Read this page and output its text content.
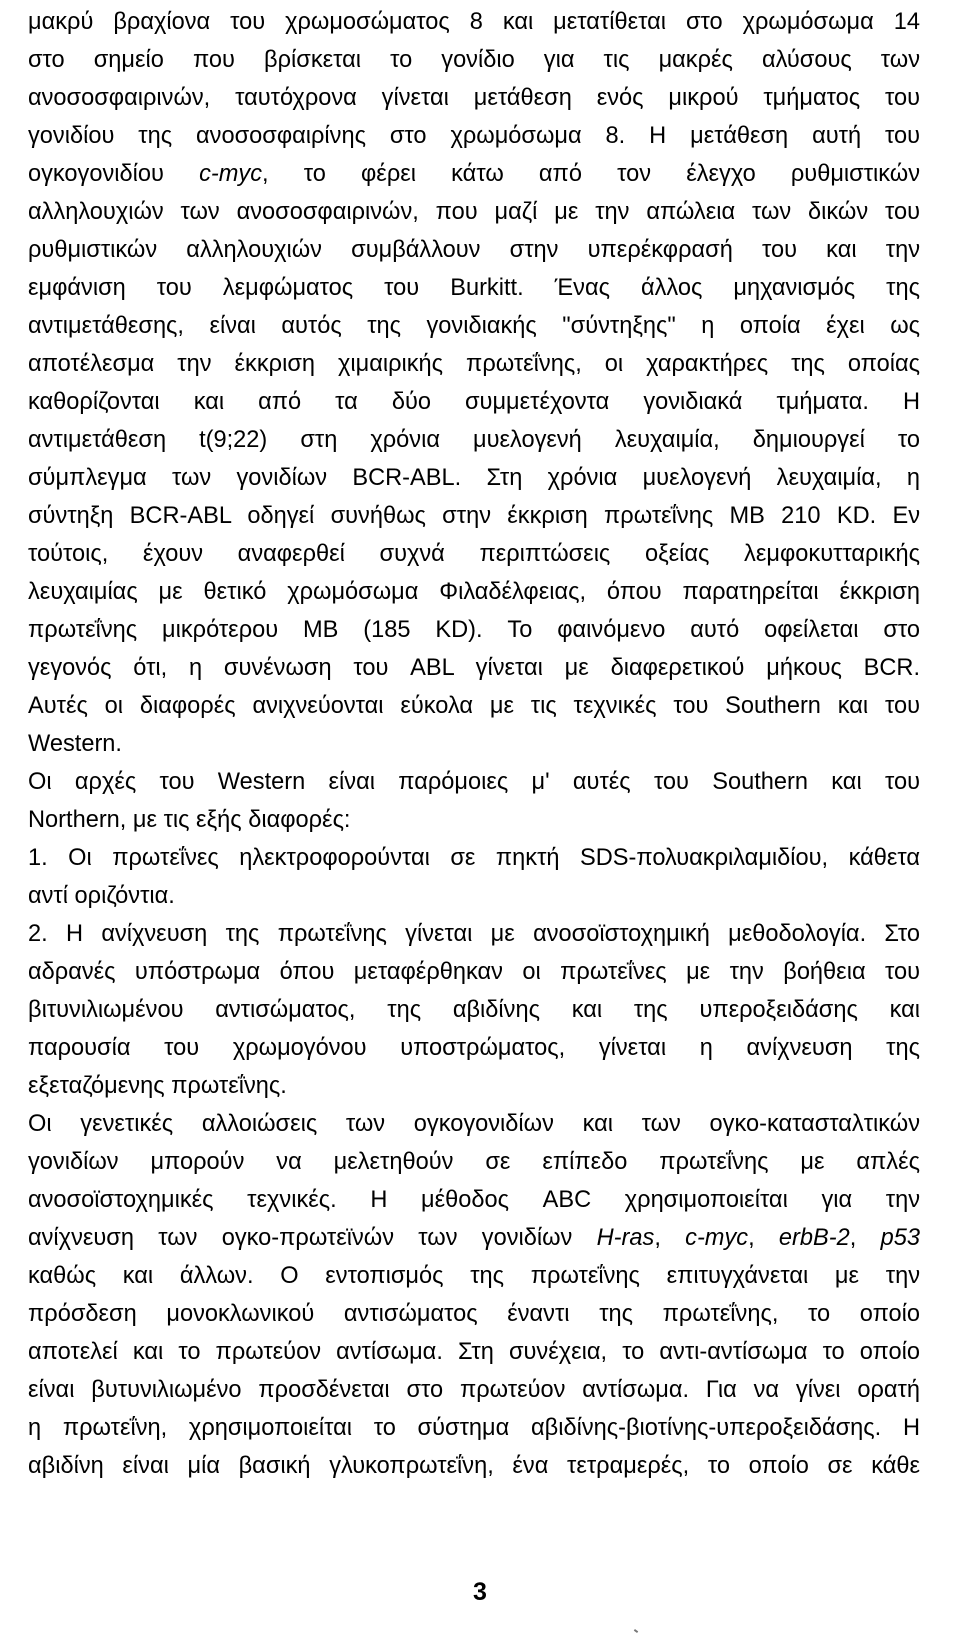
μακρύ βραχίονα του χρωμοσώματος 8 και μετατίθεται στο χρωμόσωμα 14
στο σημείο που βρίσκεται το γονίδιο για τις μακρές αλύσους των
ανοσοσφαιρινών, ταυτόχρονα γίνεται μετάθεση ενός μικρού τμήματος του
γονιδίου της ανοσοσφαιρίνης στο χρωμόσωμα 8. Η μετάθεση αυτή του
ογκογονιδίου c-myc, το φέρει κάτω από τον έλεγχο ρυθμιστικών
αλληλουχιών των ανοσοσφαιρινών, που μαζί με την απώλεια των δικών του
ρυθμιστικών αλληλουχιών συμβάλλουν στην υπερέκφρασή του και την
εμφάνιση του λεμφώματος του Burkitt. Ένας άλλος μηχανισμός της
αντιμετάθεσης, είναι αυτός της γονιδιακής "σύντηξης" η οποία έχει ως
αποτέλεσμα την έκκριση χιμαιρικής πρωτεΐνης, οι χαρακτήρες της οποίας
καθορίζονται και από τα δύο συμμετέχοντα γονιδιακά τμήματα. Η
αντιμετάθεση t(9;22) στη χρόνια μυελογενή λευχαιμία, δημιουργεί το
σύμπλεγμα των γονιδίων BCR-ABL. Στη χρόνια μυελογενή λευχαιμία, η
σύντηξη BCR-ABL οδηγεί συνήθως στην έκκριση πρωτεΐνης MB 210 KD. Εν
τούτοις, έχουν αναφερθεί συχνά περιπτώσεις οξείας λεμφοκυτταρικής
λευχαιμίας με θετικό χρωμόσωμα Φιλαδέλφειας, όπου παρατηρείται έκκριση
πρωτεΐνης μικρότερου MB (185 KD). Το φαινόμενο αυτό οφείλεται στο
γεγονός ότι, η συνένωση του ABL γίνεται με διαφερετικού μήκους BCR.
Αυτές οι διαφορές ανιχνεύονται εύκολα με τις τεχνικές του Southern και του
Western.
Οι αρχές του Western είναι παρόμοιες μ' αυτές του Southern και του
Northern, με τις εξής διαφορές:
1. Οι πρωτεΐνες ηλεκτροφορούνται σε πηκτή SDS-πολυακριλαμιδίου, κάθετα
αντί οριζόντια.
2. Η ανίχνευση της πρωτεΐνης γίνεται με ανοσοϊστοχημική μεθοδολογία. Στο
αδρανές υπόστρωμα όπου μεταφέρθηκαν οι πρωτεΐνες με την βοήθεια του
βιτυνιλιωμένου αντισώματος, της αβιδίνης και της υπεροξειδάσης και
παρουσία του χρωμογόνου υποστρώματος, γίνεται η ανίχνευση της
εξεταζόμενης πρωτεΐνης.
Οι γενετικές αλλοιώσεις των ογκογονιδίων και των ογκο-κατασταλτικών
γονιδίων μπορούν να μελετηθούν σε επίπεδο πρωτεΐνης με απλές
ανοσοϊστοχημικές τεχνικές. Η μέθοδος ABC χρησιμοποιείται για την
ανίχνευση των ογκο-πρωτεϊνών των γονιδίων H-ras, c-myc, erbB-2, p53
καθώς και άλλων. Ο εντοπισμός της πρωτεΐνης επιτυγχάνεται με την
πρόσδεση μονοκλωνικού αντισώματος έναντι της πρωτεΐνης, το οποίο
αποτελεί και το πρωτεύον αντίσωμα. Στη συνέχεια, το αντι-αντίσωμα το οποίο
είναι βυτυνιλιωμένο προσδένεται στο πρωτεύον αντίσωμα. Για να γίνει ορατή
η πρωτεΐνη, χρησιμοποιείται το σύστημα αβιδίνης-βιοτίνης-υπεροξειδάσης. Η
αβιδίνη είναι μία βασική γλυκοπρωτεΐνη, ένα τετραμερές, το οποίο σε κάθε
3
